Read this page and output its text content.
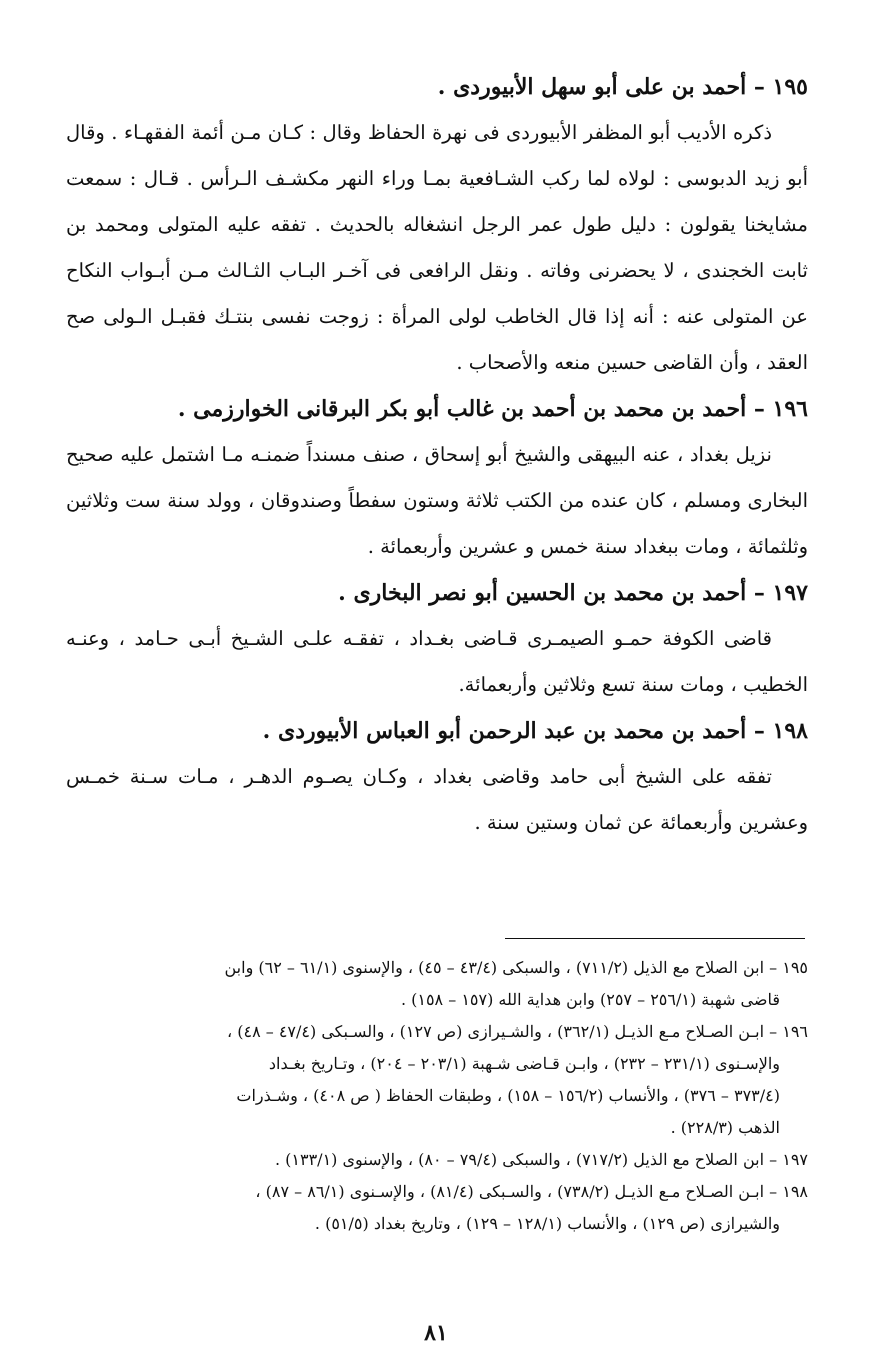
١٩٥ – أحمد بن على أبو سهل الأبيوردى .

ذكره الأديب أبو المظفر الأبيوردى فى نهرة الحفاظ وقال : كـان مـن أئمة الفقهـاء . وقال أبو زيد الدبوسى : لولاه لما ركب الشـافعية بمـا وراء النهر مكشـف الـرأس . قـال : سمعت مشايخنا يقولون : دليل طول عمر الرجل انشغاله بالحديث . تفقه عليه المتولى ومحمد بن ثابت الخجندى ، لا يحضرنى وفاته . ونقل الرافعى فى آخـر البـاب الثـالث مـن أبـواب النكاح عن المتولى عنه : أنه إذا قال الخاطب لولى المرأة : زوجت نفسى بنتـك فقبـل الـولى صح العقد ، وأن القاضى حسين منعه والأصحاب .

١٩٦ – أحمد بن محمد بن أحمد بن غالب أبو بكر البرقانى الخوارزمى .

نزيل بغداد ، عنه البيهقى والشيخ أبو إسحاق ، صنف مسنداً ضمنـه مـا اشتمل عليه صحيح البخارى ومسلم ، كان عنده من الكتب ثلاثة وستون سفطاً وصندوقان ، وولد سنة ست وثلاثين وثلثمائة ، ومات ببغداد سنة خمس و عشرين وأربعمائة .

١٩٧ – أحمد بن محمد بن الحسين أبو نصر البخارى .

قاضى الكوفة حمـو الصيمـرى قـاضى بغـداد ، تفقـه علـى الشـيخ أبـى حـامد ، وعنـه الخطيب ، ومات سنة تسع وثلاثين وأربعمائة.

١٩٨ – أحمد بن محمد بن عبد الرحمن أبو العباس الأبيوردى .

تفقه على الشيخ أبى حامد وقاضى بغداد ، وكـان يصـوم الدهـر ، مـات سـنة خمـس وعشرين وأربعمائة عن ثمان وستين سنة .

١٩٥ – ابن الصلاح مع الذيل (٧١١/٢) ، والسبكى (٤٣/٤ – ٤٥) ، والإسنوى (٦١/١ – ٦٢) وابن

قاضى شهبة (٢٥٦/١ – ٢٥٧) وابن هداية الله (١٥٧ – ١٥٨) .

١٩٦ – ابـن الصـلاح مـع الذيـل (٣٦٢/١) ، والشـيرازى (ص ١٢٧) ، والسـبكى (٤٧/٤ – ٤٨) ،

والإسـنوى (٢٣١/١ – ٢٣٢) ، وابـن قـاضى شـهبة (٢٠٣/١ – ٢٠٤) ، وتـاريخ بغـداد

(٣٧٣/٤ – ٣٧٦) ، والأنساب (١٥٦/٢ – ١٥٨) ، وطبقات الحفاظ ( ص ٤٠٨) ، وشـذرات

الذهب (٢٢٨/٣) .

١٩٧ – ابن الصلاح مع الذيل (٧١٧/٢) ، والسبكى (٧٩/٤ – ٨٠) ، والإسنوى (١٣٣/١) .

١٩٨ – ابـن الصـلاح مـع الذيـل (٧٣٨/٢) ، والسـبكى (٨١/٤) ، والإسـنوى (٨٦/١ – ٨٧) ،

والشيرازى (ص ١٢٩) ، والأنساب (١٢٨/١ – ١٢٩) ، وتاريخ بغداد (٥١/٥) .

٨١
